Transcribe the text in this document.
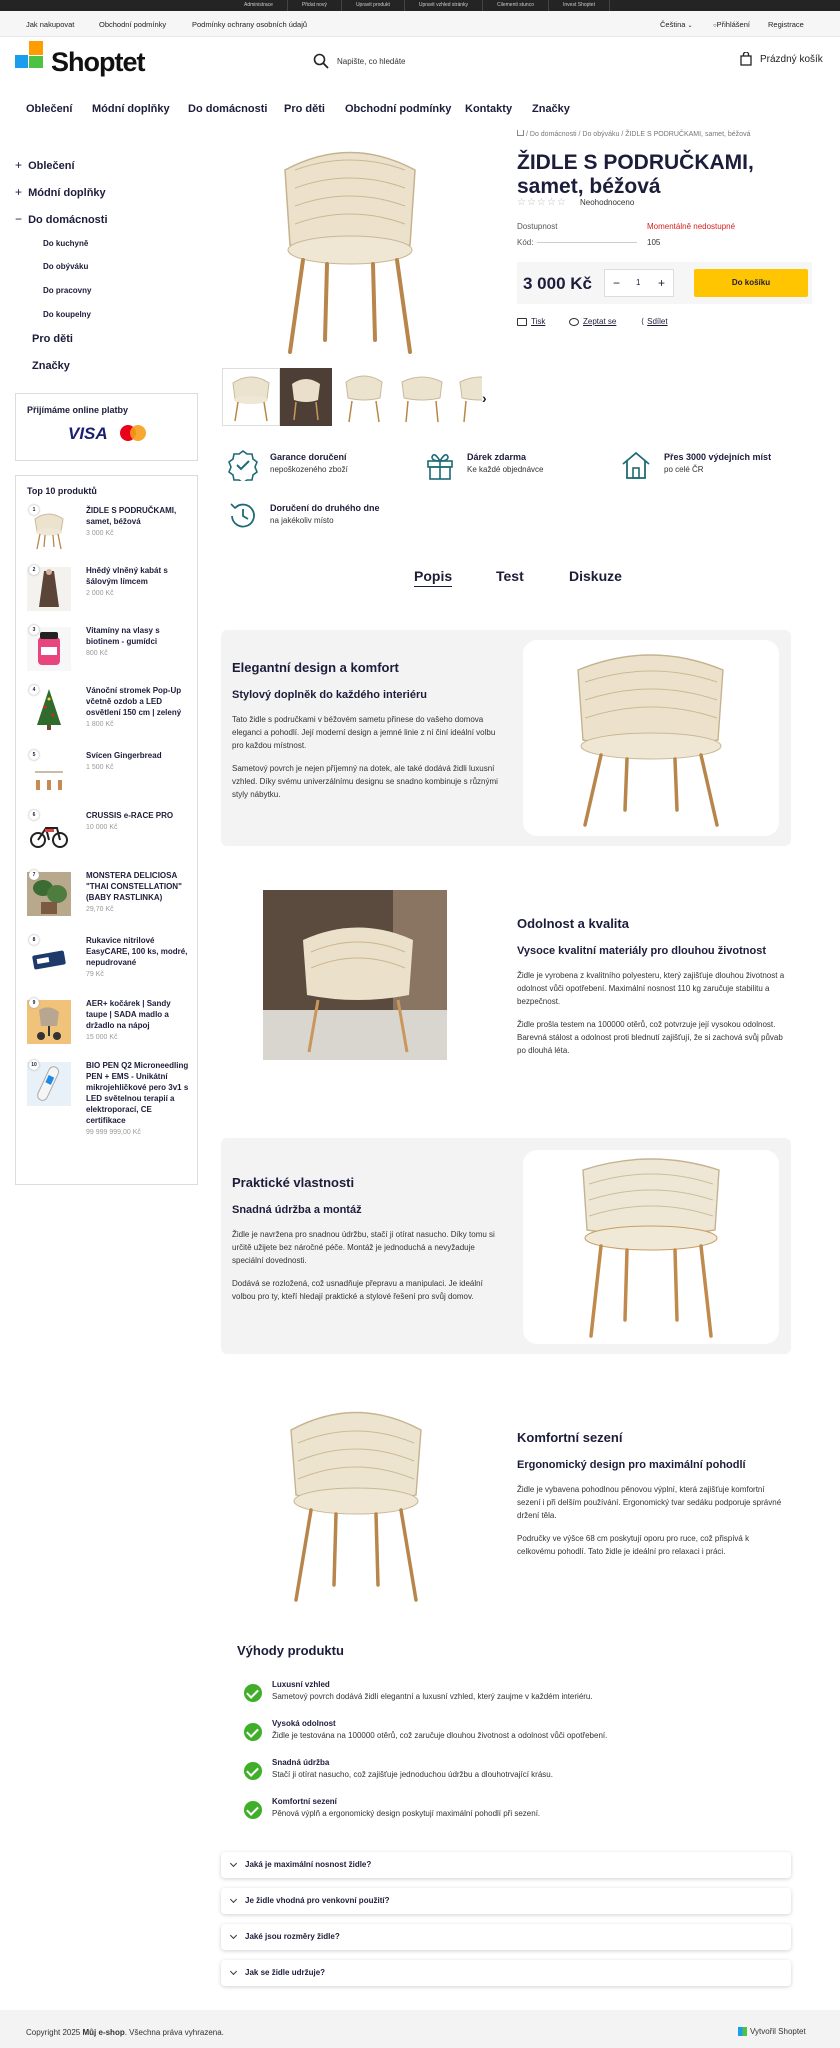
Administrace	Přidat nový	Upravit produkt	Upravit vzhled stránky	Cilementi stunco	Invest Shoptet
Jak nakupovat	Obchodní podmínky	Podmínky ochrany osobních údajů	Čeština ⌄	○Přihlášení Registrace
Shoptet	Napište, co hledáte	Prázdný košík
Oblečení Módní doplňky Do domácnosti Pro děti Obchodní podmínky Kontakty Značky
+ Oblečení
+ Módní doplňky
− Do domácnosti
Do kuchyně
Do obýváku
Do pracovny
Do koupelny
Pro děti
Značky
Přijímáme online platby
VISA
Top 10 produktů
1	ŽIDLE S PODRUČKAMI, samet, béžová
3 000 Kč
2	Hnědý vlněný kabát s šálovým límcem
2 000 Kč
3	Vitamíny na vlasy s biotinem - gumídci
800 Kč
4	Vánoční stromek Pop-Up včetně ozdob a LED osvětlení 150 cm | zelený
1 800 Kč
5	Svícen Gingerbread
1 500 Kč
6	CRUSSIS e-RACE PRO
10 000 Kč
7	MONSTERA DELICIOSA "THAI CONSTELLATION" (BABY RASTLINKA)
29,70 Kč
8	Rukavice nitrilové EasyCARE, 100 ks, modré, nepudrované
79 Kč
9	AER+ kočárek | Sandy taupe | SADA madlo a držadlo na nápoj
15 000 Kč
10	BIO PEN Q2 Microneedling PEN + EMS - Unikátní mikrojehličkové pero 3v1 s LED světelnou terapií a elektroporací, CE certifikace
99 999 999,00 Kč
›
/ Do domácnosti / Do obýváku / ŽIDLE S PODRUČKAMI, samet, béžová
ŽIDLE S PODRUČKAMI, samet, béžová
☆☆☆☆☆ Neohodnoceno
Dostupnost	Momentálně nedostupné
Kód:	105
3 000 Kč − 1 +	Do košíku
Tisk	Zeptat se	⟨ Sdílet
Garance doručení
nepoškozeného zboží
Dárek zdarma
Ke každé objednávce
Přes 3000 výdejních míst
po celé ČR
Doručení do druhého dne
na jakékoliv místo
Popis	Test	Diskuze
Elegantní design a komfort
Stylový doplněk do každého interiéru

Tato židle s područkami v béžovém sametu přinese do vašeho domova eleganci a pohodlí. Její moderní design a jemné linie z ní činí ideální volbu pro každou místnost.

Sametový povrch je nejen příjemný na dotek, ale také dodává židli luxusní vzhled. Díky svému univerzálnímu designu se snadno kombinuje s různými styly nábytku.

Odolnost a kvalita
Vysoce kvalitní materiály pro dlouhou životnost

Židle je vyrobena z kvalitního polyesteru, který zajišťuje dlouhou životnost a odolnost vůči opotřebení. Maximální nosnost 110 kg zaručuje stabilitu a bezpečnost.

Židle prošla testem na 100000 otěrů, což potvrzuje její vysokou odolnost. Barevná stálost a odolnost proti blednutí zajišťují, že si zachová svůj půvab po dlouhá léta.

Praktické vlastnosti
Snadná údržba a montáž

Židle je navržena pro snadnou údržbu, stačí ji otírat nasucho. Díky tomu si určitě užijete bez náročné péče. Montáž je jednoduchá a nevyžaduje speciální dovednosti.

Dodává se rozložená, což usnadňuje přepravu a manipulaci. Je ideální volbou pro ty, kteří hledají praktické a stylové řešení pro svůj domov.

Komfortní sezení
Ergonomický design pro maximální pohodlí

Židle je vybavena pohodlnou pěnovou výplní, která zajišťuje komfortní sezení i při delším používání. Ergonomický tvar sedáku podporuje správné držení těla.

Područky ve výšce 68 cm poskytují oporu pro ruce, což přispívá k celkovému pohodlí. Tato židle je ideální pro relaxaci i práci.

Výhody produktu
Luxusní vzhled
Sametový povrch dodává židli elegantní a luxusní vzhled, který zaujme v každém interiéru.
Vysoká odolnost
Židle je testována na 100000 otěrů, což zaručuje dlouhou životnost a odolnost vůči opotřebení.
Snadná údržba
Stačí ji otírat nasucho, což zajišťuje jednoduchou údržbu a dlouhotrvající krásu.
Komfortní sezení
Pěnová výplň a ergonomický design poskytují maximální pohodlí při sezení.
Jaká je maximální nosnost židle?
Je židle vhodná pro venkovní použití?
Jaké jsou rozměry židle?
Jak se židle udržuje?
Copyright 2025 Můj e-shop. Všechna práva vyhrazena.	Vytvořil Shoptet
